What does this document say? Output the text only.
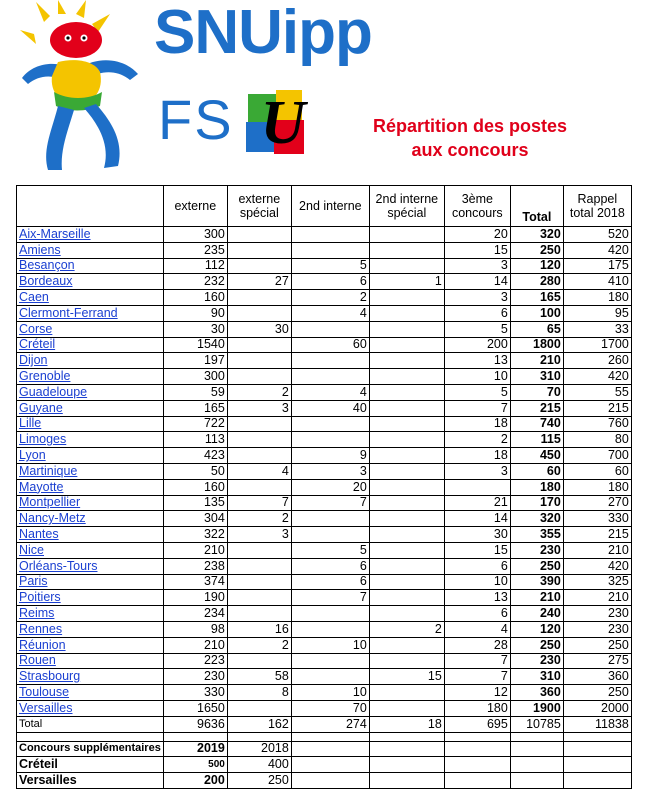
SNUipp
FS U	Répartition des postes
aux concours
	externe	externe spécial	2nd interne	2nd interne spécial	3ème concours	Total	Rappel total 2018
Aix-Marseille	300				20	320	520
Amiens	235				15	250	420
Besançon	112		5		3	120	175
Bordeaux	232	27	6	1	14	280	410
Caen	160		2		3	165	180
Clermont-Ferrand	90		4		6	100	95
Corse	30	30			5	65	33
Créteil	1540		60		200	1800	1700
Dijon	197				13	210	260
Grenoble	300				10	310	420
Guadeloupe	59	2	4		5	70	55
Guyane	165	3	40		7	215	215
Lille	722				18	740	760
Limoges	113				2	115	80
Lyon	423		9		18	450	700
Martinique	50	4	3		3	60	60
Mayotte	160		20			180	180
Montpellier	135	7	7		21	170	270
Nancy-Metz	304	2			14	320	330
Nantes	322	3			30	355	215
Nice	210		5		15	230	210
Orléans-Tours	238		6		6	250	420
Paris	374		6		10	390	325
Poitiers	190		7		13	210	210
Reims	234				6	240	230
Rennes	98	16		2	4	120	230
Réunion	210	2	10		28	250	250
Rouen	223				7	230	275
Strasbourg	230	58		15	7	310	360
Toulouse	330	8	10		12	360	250
Versailles	1650		70		180	1900	2000
Total	9636	162	274	18	695	10785	11838

Concours supplémentaires	2019	2018					
Créteil	500	400					
Versailles	200	250					
